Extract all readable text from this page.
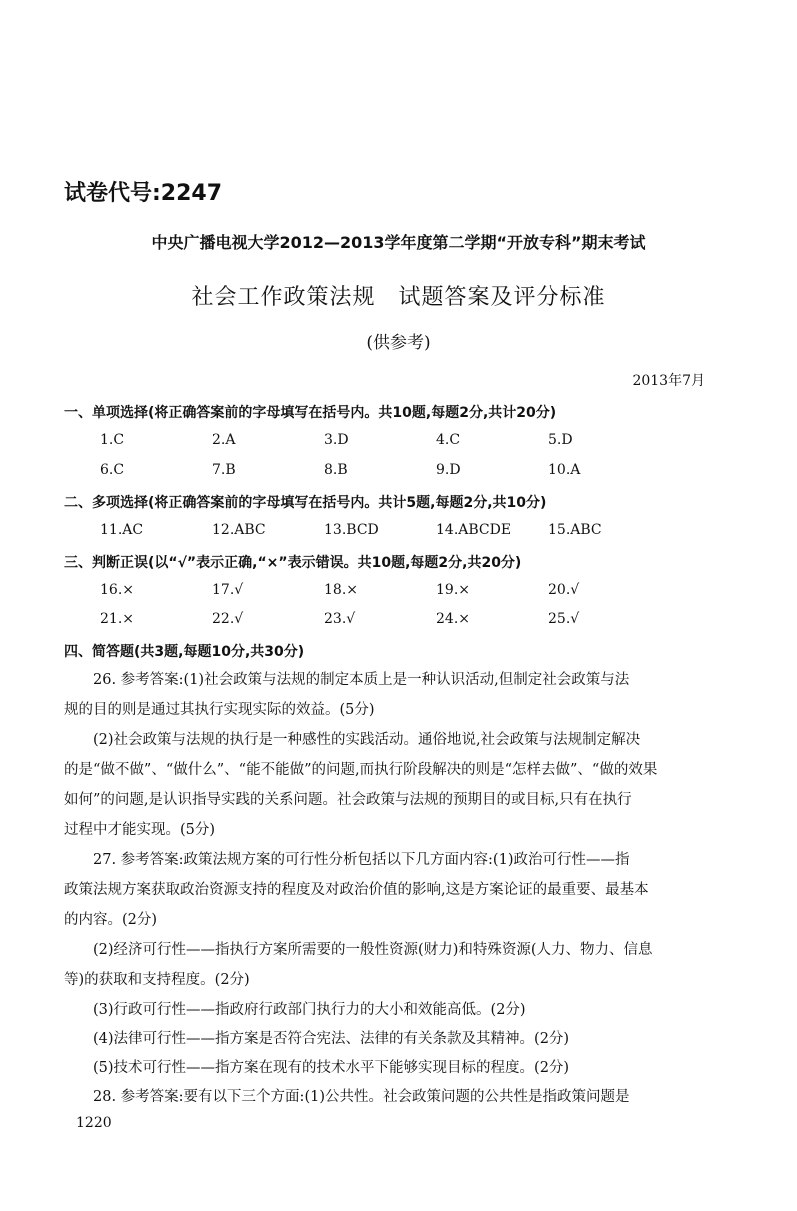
试卷代号:2247
中央广播电视大学2012—2013学年度第二学期“开放专科”期末考试
社会工作政策法规　试题答案及评分标准
(供参考)
2013年7月
一、单项选择(将正确答案前的字母填写在括号内。共10题,每题2分,共计20分)
1.C	2.A	3.D	4.C	5.D
6.C	7.B	8.B	9.D	10.A
二、多项选择(将正确答案前的字母填写在括号内。共计5题,每题2分,共10分)
11.AC	12.ABC	13.BCD	14.ABCDE	15.ABC
三、判断正误(以“√”表示正确,“×”表示错误。共10题,每题2分,共20分)
16.×	17.√	18.×	19.×	20.√
21.×	22.√	23.√	24.×	25.√
四、简答题(共3题,每题10分,共30分)
　　26. 参考答案:(1)社会政策与法规的制定本质上是一种认识活动,但制定社会政策与法
规的目的则是通过其执行实现实际的效益。(5分)
　　(2)社会政策与法规的执行是一种感性的实践活动。通俗地说,社会政策与法规制定解决
的是“做不做”、“做什么”、“能不能做”的问题,而执行阶段解决的则是“怎样去做”、“做的效果
如何”的问题,是认识指导实践的关系问题。社会政策与法规的预期目的或目标,只有在执行
过程中才能实现。(5分)
　　27. 参考答案:政策法规方案的可行性分析包括以下几方面内容:(1)政治可行性——指
政策法规方案获取政治资源支持的程度及对政治价值的影响,这是方案论证的最重要、最基本
的内容。(2分)
　　(2)经济可行性——指执行方案所需要的一般性资源(财力)和特殊资源(人力、物力、信息
等)的获取和支持程度。(2分)
　　(3)行政可行性——指政府行政部门执行力的大小和效能高低。(2分)
　　(4)法律可行性——指方案是否符合宪法、法律的有关条款及其精神。(2分)
　　(5)技术可行性——指方案在现有的技术水平下能够实现目标的程度。(2分)
　　28. 参考答案:要有以下三个方面:(1)公共性。社会政策问题的公共性是指政策问题是
1220
